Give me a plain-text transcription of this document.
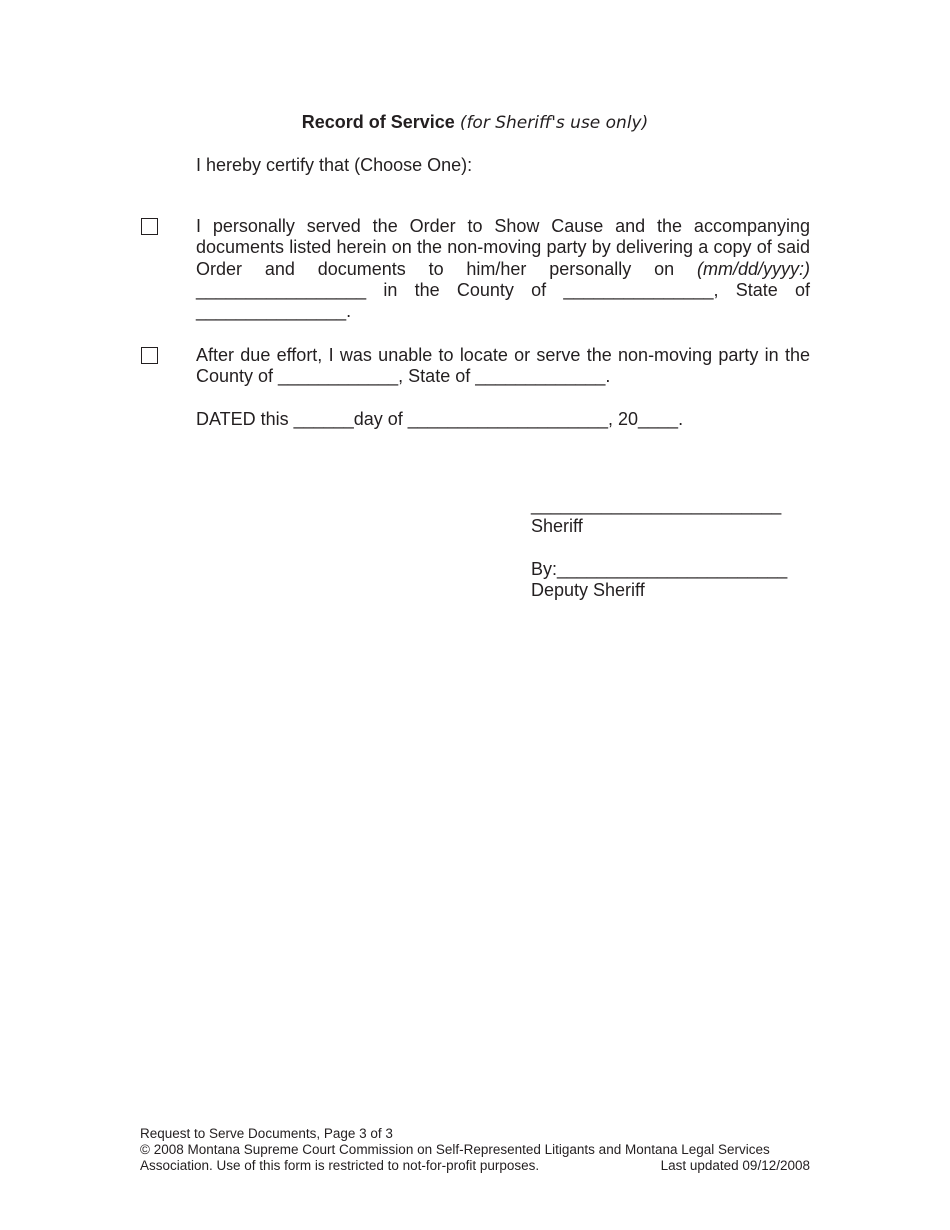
Record of Service (for Sheriff's use only)
I hereby certify that (Choose One):
I personally served the Order to Show Cause and the accompanying documents listed herein on the non-moving party by delivering a copy of said Order and documents to him/her personally on (mm/dd/yyyy:) _________________ in the County of _______________, State of _______________.
After due effort, I was unable to locate or serve the non-moving party in the County of ____________, State of _____________.
DATED this ______day of ____________________, 20____.
_________________________
Sheriff
By:_______________________
Deputy Sheriff
Request to Serve Documents, Page 3 of 3
© 2008 Montana Supreme Court Commission on Self-Represented Litigants and Montana Legal Services
Association. Use of this form is restricted to not-for-profit purposes.	Last updated 09/12/2008
